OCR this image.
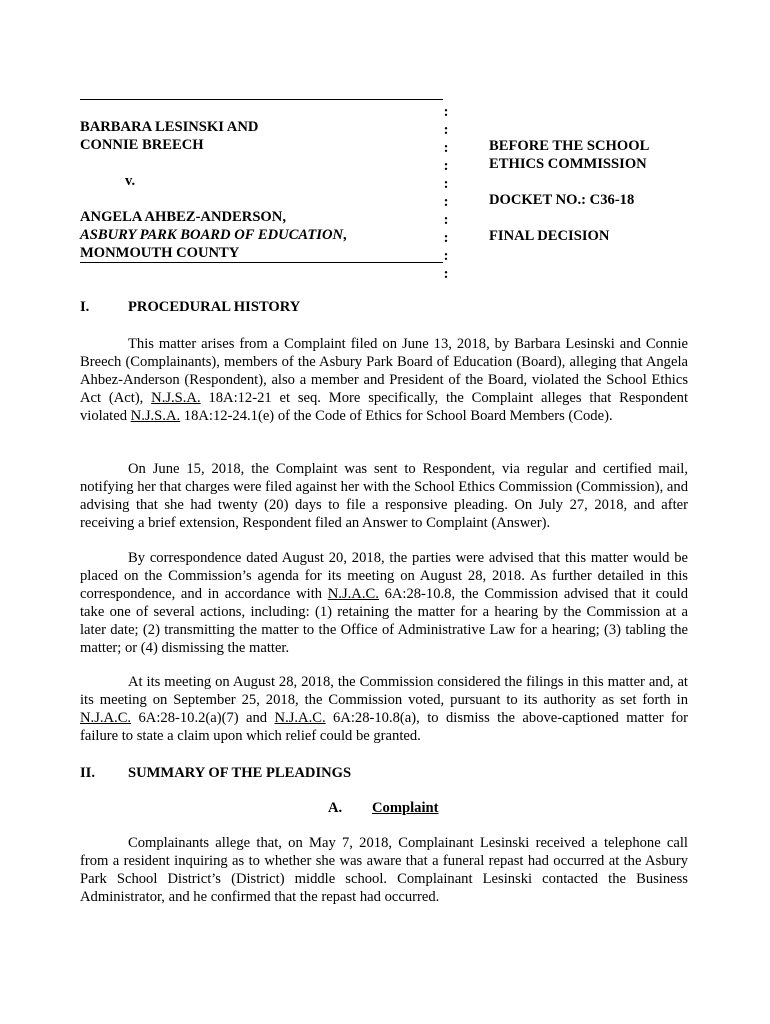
BARBARA LESINSKI AND
CONNIE BREECH
v.
ANGELA AHBEZ-ANDERSON,
ASBURY PARK BOARD OF EDUCATION,
MONMOUTH COUNTY
:
:
:
:
:
:
:
:
:
:
BEFORE THE SCHOOL
ETHICS COMMISSION
DOCKET NO.: C36-18
FINAL DECISION
I.	PROCEDURAL HISTORY
This matter arises from a Complaint filed on June 13, 2018, by Barbara Lesinski and Connie Breech (Complainants), members of the Asbury Park Board of Education (Board), alleging that Angela Ahbez-Anderson (Respondent), also a member and President of the Board, violated the School Ethics Act (Act), N.J.S.A. 18A:12-21 et seq. More specifically, the Complaint alleges that Respondent violated N.J.S.A. 18A:12-24.1(e) of the Code of Ethics for School Board Members (Code).
On June 15, 2018, the Complaint was sent to Respondent, via regular and certified mail, notifying her that charges were filed against her with the School Ethics Commission (Commission), and advising that she had twenty (20) days to file a responsive pleading. On July 27, 2018, and after receiving a brief extension, Respondent filed an Answer to Complaint (Answer).
By correspondence dated August 20, 2018, the parties were advised that this matter would be placed on the Commission’s agenda for its meeting on August 28, 2018. As further detailed in this correspondence, and in accordance with N.J.A.C. 6A:28-10.8, the Commission advised that it could take one of several actions, including: (1) retaining the matter for a hearing by the Commission at a later date; (2) transmitting the matter to the Office of Administrative Law for a hearing; (3) tabling the matter; or (4) dismissing the matter.
At its meeting on August 28, 2018, the Commission considered the filings in this matter and, at its meeting on September 25, 2018, the Commission voted, pursuant to its authority as set forth in N.J.A.C. 6A:28-10.2(a)(7) and N.J.A.C. 6A:28-10.8(a), to dismiss the above-captioned matter for failure to state a claim upon which relief could be granted.
II. SUMMARY OF THE PLEADINGS
A. Complaint
Complainants allege that, on May 7, 2018, Complainant Lesinski received a telephone call from a resident inquiring as to whether she was aware that a funeral repast had occurred at the Asbury Park School District’s (District) middle school. Complainant Lesinski contacted the Business Administrator, and he confirmed that the repast had occurred.
